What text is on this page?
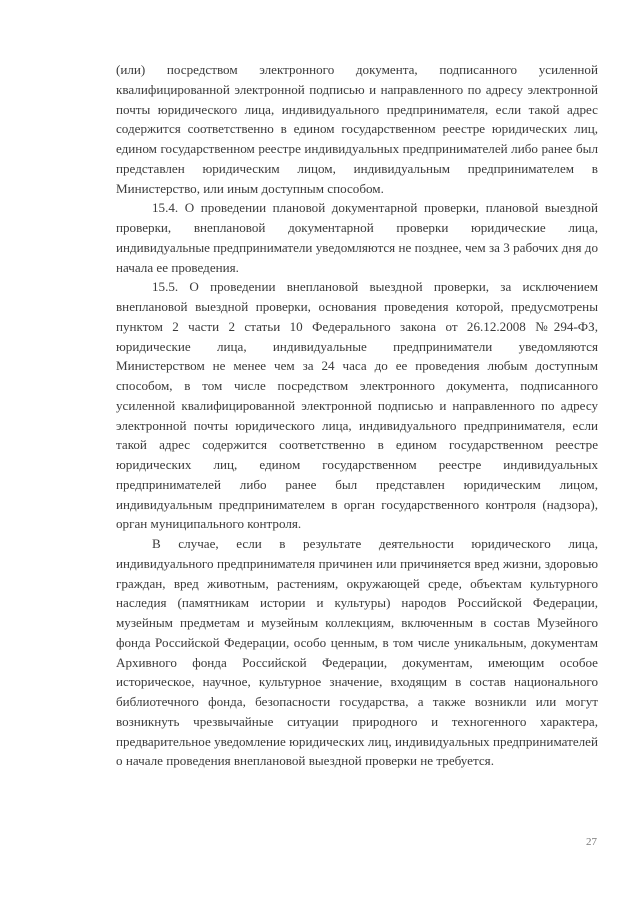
(или) посредством электронного документа, подписанного усиленной квалифицированной электронной подписью и направленного по адресу электронной почты юридического лица, индивидуального предпринимателя, если такой адрес содержится соответственно в едином государственном реестре юридических лиц, едином государственном реестре индивидуальных предпринимателей либо ранее был представлен юридическим лицом, индивидуальным предпринимателем в Министерство, или иным доступным способом.

15.4. О проведении плановой документарной проверки, плановой выездной проверки, внеплановой документарной проверки юридические лица, индивидуальные предприниматели уведомляются не позднее, чем за 3 рабочих дня до начала ее проведения.

15.5. О проведении внеплановой выездной проверки, за исключением внеплановой выездной проверки, основания проведения которой, предусмотрены пунктом 2 части 2 статьи 10 Федерального закона от 26.12.2008 №294-ФЗ, юридические лица, индивидуальные предприниматели уведомляются Министерством не менее чем за 24 часа до ее проведения любым доступным способом, в том числе посредством электронного документа, подписанного усиленной квалифицированной электронной подписью и направленного по адресу электронной почты юридического лица, индивидуального предпринимателя, если такой адрес содержится соответственно в едином государственном реестре юридических лиц, едином государственном реестре индивидуальных предпринимателей либо ранее был представлен юридическим лицом, индивидуальным предпринимателем в орган государственного контроля (надзора), орган муниципального контроля.

В случае, если в результате деятельности юридического лица, индивидуального предпринимателя причинен или причиняется вред жизни, здоровью граждан, вред животным, растениям, окружающей среде, объектам культурного наследия (памятникам истории и культуры) народов Российской Федерации, музейным предметам и музейным коллекциям, включенным в состав Музейного фонда Российской Федерации, особо ценным, в том числе уникальным, документам Архивного фонда Российской Федерации, документам, имеющим особое историческое, научное, культурное значение, входящим в состав национального библиотечного фонда, безопасности государства, а также возникли или могут возникнуть чрезвычайные ситуации природного и техногенного характера, предварительное уведомление юридических лиц, индивидуальных предпринимателей о начале проведения внеплановой выездной проверки не требуется.

27
